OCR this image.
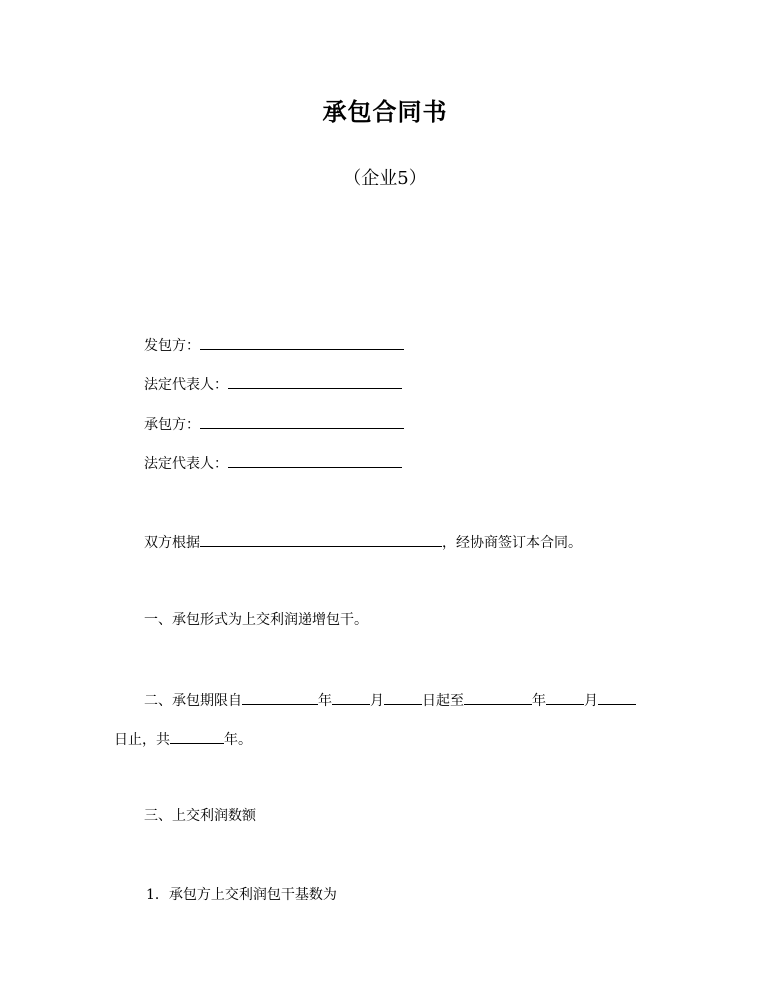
承包合同书
（企业5）
发包方：
法定代表人：
承包方：
法定代表人：
双方根据	，经协商签订本合同。
一、承包形式为上交利润递增包干。
二、承包期限自	年	月	日起至	年	月
日止，共	年。
三、上交利润数额
1．承包方上交利润包干基数为
